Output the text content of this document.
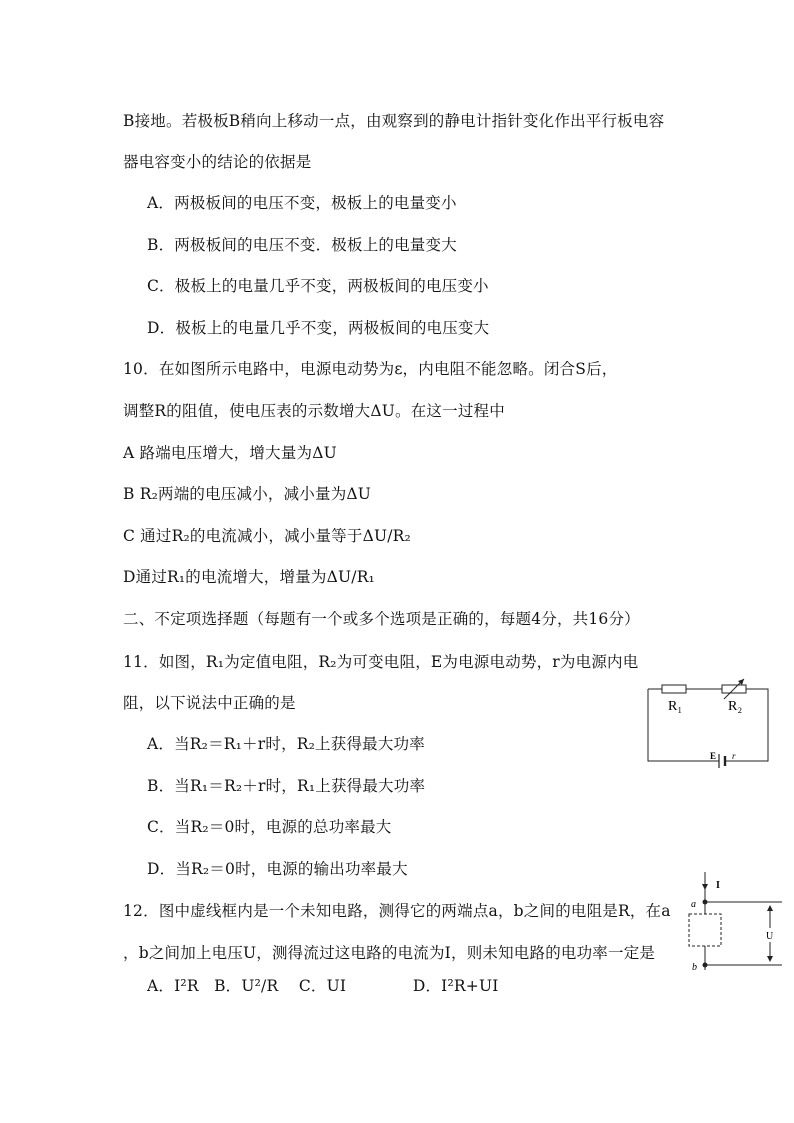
B接地。若极板B稍向上移动一点，由观察到的静电计指针变化作出平行板电容
器电容变小的结论的依据是
A．两极板间的电压不变，极板上的电量变小
B．两极板间的电压不变．极板上的电量变大
C．极板上的电量几乎不变，两极板间的电压变小
D．极板上的电量几乎不变，两极板间的电压变大
10．在如图所示电路中，电源电动势为ε，内电阻不能忽略。闭合S后，
调整R的阻值，使电压表的示数增大ΔU。在这一过程中
A 路端电压增大，增大量为ΔU
B R₂两端的电压减小，减小量为ΔU
C 通过R₂的电流减小，减小量等于ΔU/R₂
D通过R₁的电流增大，增量为ΔU/R₁
二、不定项选择题（每题有一个或多个选项是正确的，每题4分，共16分）
11．如图，R₁为定值电阻，R₂为可变电阻，E为电源电动势，r为电源内电
阻，以下说法中正确的是
A．当R₂＝R₁＋r时，R₂上获得最大功率
B．当R₁＝R₂＋r时，R₁上获得最大功率
C．当R₂＝0时，电源的总功率最大
D．当R₂＝0时，电源的输出功率最大
12．图中虚线框内是一个未知电路，测得它的两端点a，b之间的电阻是R，在a
，b之间加上电压U，测得流过这电路的电流为I，则未知电路的电功率一定是
A．I²R   B．U²/R    C．UI             D．I²R+UI
R₁	R₂
E r
I
a
b
U
